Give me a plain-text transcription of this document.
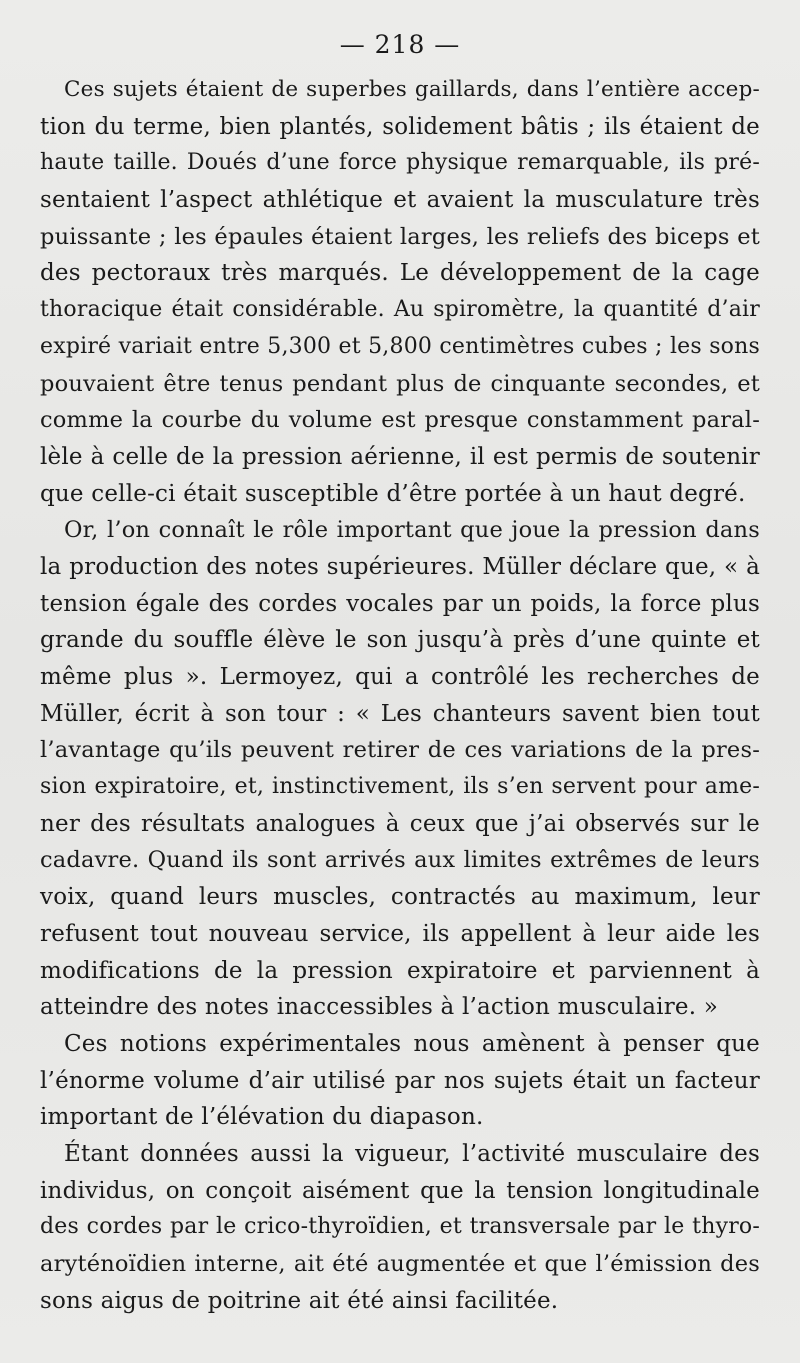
— 218 —
Ces sujets étaient de superbes gaillards, dans l’entière accep-
tion du terme, bien plantés, solidement bâtis ; ils étaient de
haute taille. Doués d’une force physique remarquable, ils pré-
sentaient l’aspect athlétique et avaient la musculature très
puissante ; les épaules étaient larges, les reliefs des biceps et
des pectoraux très marqués. Le développement de la cage
thoracique était considérable. Au spiromètre, la quantité d’air
expiré variait entre 5,300 et 5,800 centimètres cubes ; les sons
pouvaient être tenus pendant plus de cinquante secondes, et
comme la courbe du volume est presque constamment paral-
lèle à celle de la pression aérienne, il est permis de soutenir
que celle-ci était susceptible d’être portée à un haut degré.
Or, l’on connaît le rôle important que joue la pression dans
la production des notes supérieures. Müller déclare que, « à
tension égale des cordes vocales par un poids, la force plus
grande du souffle élève le son jusqu’à près d’une quinte et
même plus ». Lermoyez, qui a contrôlé les recherches de
Müller, écrit à son tour : « Les chanteurs savent bien tout
l’avantage qu’ils peuvent retirer de ces variations de la pres-
sion expiratoire, et, instinctivement, ils s’en servent pour ame-
ner des résultats analogues à ceux que j’ai observés sur le
cadavre. Quand ils sont arrivés aux limites extrêmes de leurs
voix, quand leurs muscles, contractés au maximum, leur
refusent tout nouveau service, ils appellent à leur aide les
modifications de la pression expiratoire et parviennent à
atteindre des notes inaccessibles à l’action musculaire. »
Ces notions expérimentales nous amènent à penser que
l’énorme volume d’air utilisé par nos sujets était un facteur
important de l’élévation du diapason.
Étant données aussi la vigueur, l’activité musculaire des
individus, on conçoit aisément que la tension longitudinale
des cordes par le crico-thyroïdien, et transversale par le thyro-
aryténoïdien interne, ait été augmentée et que l’émission des
sons aigus de poitrine ait été ainsi facilitée.
